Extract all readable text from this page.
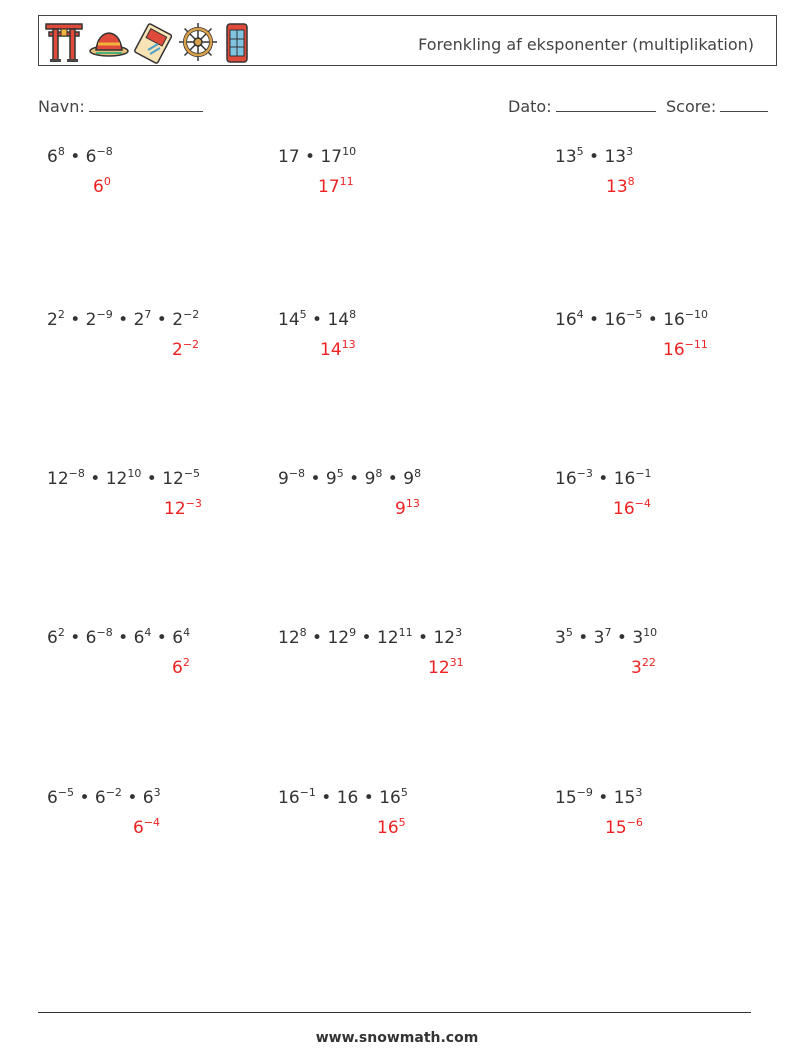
Forenkling af eksponenter (multiplikation)
Navn:	Dato:	Score:
$6^8$ • $6^{-8}$
$6^0$
17 • $17^{10}$
$17^{11}$
$13^5$ • $13^3$
$13^8$
$2^2$ • $2^{-9}$ • $2^7$ • $2^{-2}$
$2^{-2}$
$14^5$ • $14^8$
$14^{13}$
$16^4$ • $16^{-5}$ • $16^{-10}$
$16^{-11}$
$12^{-8}$ • $12^{10}$ • $12^{-5}$
$12^{-3}$
$9^{-8}$ • $9^5$ • $9^8$ • $9^8$
$9^{13}$
$16^{-3}$ • $16^{-1}$
$16^{-4}$
$6^2$ • $6^{-8}$ • $6^4$ • $6^4$
$6^2$
$12^8$ • $12^9$ • $12^{11}$ • $12^3$
$12^{31}$
$3^5$ • $3^7$ • $3^{10}$
$3^{22}$
$6^{-5}$ • $6^{-2}$ • $6^3$
$6^{-4}$
$16^{-1}$ • 16 • $16^5$
$16^5$
$15^{-9}$ • $15^3$
$15^{-6}$
www.snowmath.com
